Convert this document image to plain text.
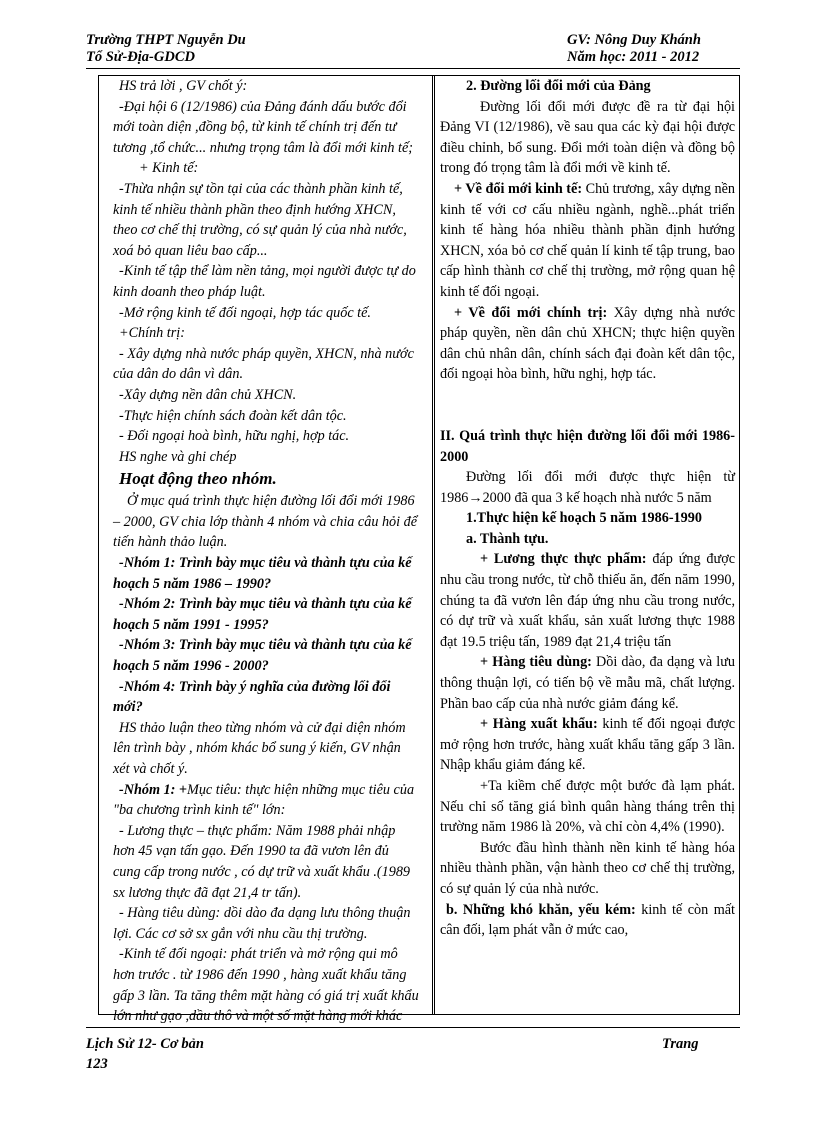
Trường THPT Nguyễn Du
Tổ Sử-Địa-GDCD
GV: Nông Duy Khánh
Năm học: 2011 - 2012

HS trả lời , GV chốt ý:

-Đại hội 6 (12/1986) của Đảng đánh dấu bước đổi mới toàn diện ,đồng bộ, từ kinh tế chính trị đến tư tương ,tổ chức... nhưng trọng tâm là đổi mới kinh tế;

+ Kinh tế:

-Thừa nhận sự tồn tại của các thành phần kinh tế, kinh tế nhiều thành phần theo định hướng XHCN, theo cơ chế thị trường, có sự quản lý của nhà nước, xoá bỏ quan liêu bao cấp...

-Kinh tế tập thể làm nền tảng, mọi người được tự do kinh doanh theo pháp luật.

-Mở rộng kinh tế đối ngoại, hợp tác quốc tế.

+Chính trị:

- Xây dựng nhà nước pháp quyền, XHCN, nhà nước của dân do dân vì dân.

-Xây dựng nền dân chủ XHCN.

-Thực hiện chính sách đoàn kết dân tộc.

- Đối ngoại hoà bình, hữu nghị, hợp tác.

HS nghe và ghi chép

Hoạt động theo nhóm.

Ở mục quá trình thực hiện đường lối đổi mới 1986 – 2000, GV chia lớp thành 4 nhóm và chia câu hỏi để tiến hành thảo luận.

-Nhóm 1: Trình bày mục tiêu và thành tựu của kế hoạch 5 năm 1986 – 1990?

-Nhóm 2: Trình bày mục tiêu và thành tựu của kế hoạch 5 năm 1991 - 1995?

-Nhóm 3: Trình bày mục tiêu và thành tựu của kế hoạch 5 năm 1996 - 2000?

-Nhóm 4: Trình bày ý nghĩa của đường lối đổi mới?

HS thảo luận theo từng nhóm và cử đại diện nhóm lên trình bày , nhóm khác bổ sung ý kiến, GV nhận xét và chốt ý.

-Nhóm 1: +Mục tiêu: thực hiện những mục tiêu của "ba chương trình kinh tế" lớn:

- Lương thực – thực phẩm: Năm 1988 phải nhập hơn 45 vạn tấn gạo. Đến 1990 ta đã vươn lên đủ cung cấp trong nước , có dự trữ và xuất khẩu .(1989 sx lương thực đã đạt 21,4 tr tấn).

- Hàng tiêu dùng: dồi dào đa dạng lưu thông thuận lợi. Các cơ sở sx gắn với nhu cầu thị trường.

-Kinh tế đối ngoại: phát triển và mở rộng qui mô hơn trước . từ 1986 đến 1990 , hàng xuất khẩu tăng gấp 3 lần. Ta tăng thêm mặt hàng có giá trị xuất khẩu lớn như gạo ,dầu thô và một số mặt hàng mới khác

2. Đường lối đổi mới của Đảng

Đường lối đổi mới được đề ra từ đại hội Đảng VI (12/1986), về sau qua các kỳ đại hội được điều chỉnh, bổ sung. Đổi mới toàn diện và đồng bộ trong đó trọng tâm là đổi mới về kinh tế.

+ Về đổi mới kinh tế: Chủ trương, xây dựng nền kinh tế với cơ cấu nhiều ngành, nghề...phát triển kinh tế hàng hóa nhiều thành phần định hướng XHCN, xóa bỏ cơ chế quản lí kinh tế tập trung, bao cấp hình thành cơ chế thị trường, mở rộng quan hệ kinh tế đối ngoại.

+ Về đổi mới chính trị: Xây dựng nhà nước pháp quyền, nền dân chủ XHCN; thực hiện quyền dân chủ nhân dân, chính sách đại đoàn kết dân tộc, đối ngoại hòa bình, hữu nghị, hợp tác.

II. Quá trình thực hiện đường lối đổi mới 1986-2000

Đường lối đổi mới được thực hiện từ 1986→2000 đã qua 3 kế hoạch nhà nước 5 năm

1.Thực hiện kế hoạch 5 năm 1986-1990

a. Thành tựu.

+ Lương thực thực phẩm: đáp ứng được nhu cầu trong nước, từ chỗ thiếu ăn, đến năm 1990, chúng ta đã vươn lên đáp ứng nhu cầu trong nước, có dự trữ và xuất khẩu, sản xuất lương thực 1988 đạt 19.5 triệu tấn, 1989 đạt 21,4 triệu tấn

+ Hàng tiêu dùng: Dồi dào, đa dạng và lưu thông thuận lợi, có tiến bộ về mẫu mã, chất lượng. Phần bao cấp của nhà nước giảm đáng kể.

+ Hàng xuất khẩu: kinh tế đối ngoại được mở rộng hơn trước, hàng xuất khẩu tăng gấp 3 lần. Nhập khẩu giảm đáng kể.

+Ta kiềm chế được một bước đà lạm phát. Nếu chỉ số tăng giá bình quân hàng tháng trên thị trường năm 1986 là 20%, và chỉ còn 4,4% (1990).

Bước đầu hình thành nền kinh tế hàng hóa nhiều thành phần, vận hành theo cơ chế thị trường, có sự quản lý của nhà nước.

b. Những khó khăn, yếu kém: kinh tế còn mất cân đối, lạm phát vẫn ở mức cao,

Lịch Sử 12- Cơ bản
123
Trang
